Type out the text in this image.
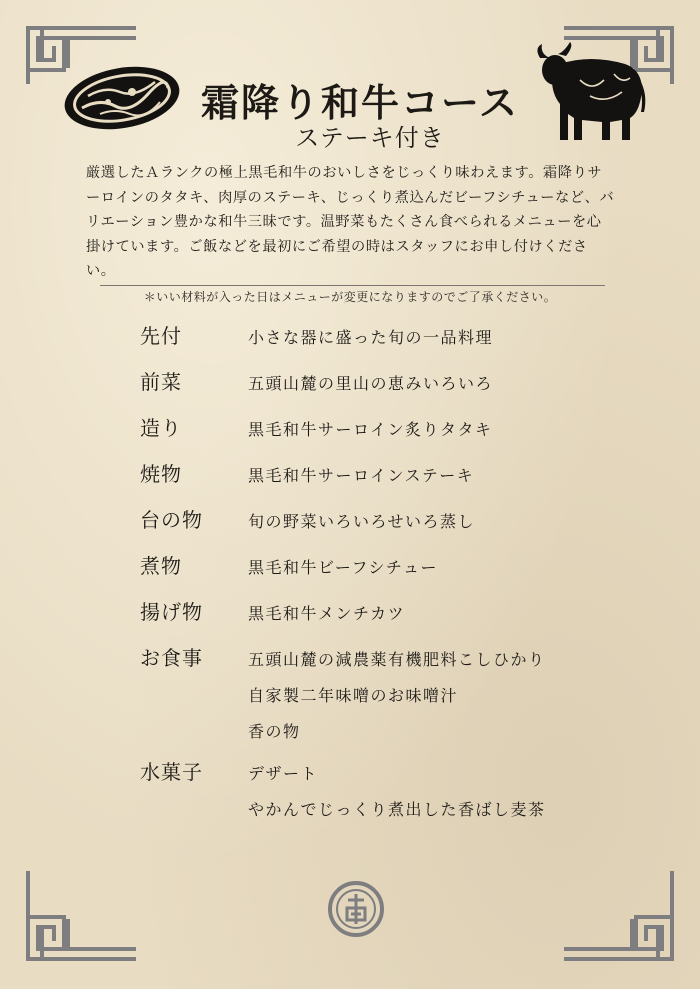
霜降り和牛コース
ステーキ付き
厳選したＡランクの極上黒毛和牛のおいしさをじっくり味わえます。霜降りサーロインのタタキ、肉厚のステーキ、じっくり煮込んだビーフシチューなど、バリエーション豊かな和牛三昧です。温野菜もたくさん食べられるメニューを心掛けています。ご飯などを最初にご希望の時はスタッフにお申し付けください。
＊いい材料が入った日はメニューが変更になりますのでご了承ください。
先付	小さな器に盛った旬の一品料理
前菜	五頭山麓の里山の恵みいろいろ
造り	黒毛和牛サーロイン炙りタタキ
焼物	黒毛和牛サーロインステーキ
台の物	旬の野菜いろいろせいろ蒸し
煮物	黒毛和牛ビーフシチュー
揚げ物	黒毛和牛メンチカツ
お食事	五頭山麓の減農薬有機肥料こしひかり
自家製二年味噌のお味噌汁
香の物
水菓子	デザート
やかんでじっくり煮出した香ばし麦茶
